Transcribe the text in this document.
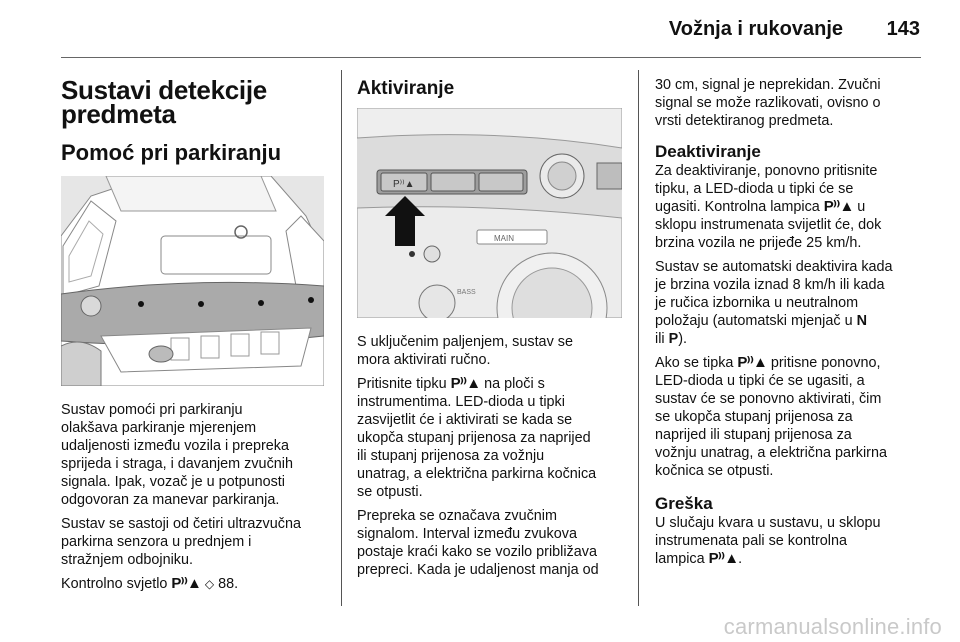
Vožnja i rukovanje 143
Sustavi detekcije
predmeta
Pomoć pri parkiranju

Sustav pomoći pri parkiranju
olakšava parkiranje mjerenjem
udaljenosti između vozila i prepreka
sprijeda i straga, i davanjem zvučnih
signala. Ipak, vozač je u potpunosti
odgovoran za manevar parkiranja.

Sustav se sastoji od četiri ultrazvučna
parkirna senzora u prednjem i
stražnjem odbojniku.

Kontrolno svjetlo P⁾⁾▲ ◇ 88.

Aktiviranje
P⁾⁾▲
MAIN
BASS

S uključenim paljenjem, sustav se
mora aktivirati ručno.

Pritisnite tipku P⁾⁾▲ na ploči s
instrumentima. LED-dioda u tipki
zasvijetlit će i aktivirati se kada se
ukopča stupanj prijenosa za naprijed
ili stupanj prijenosa za vožnju
unatrag, a električna parkirna kočnica
se otpusti.

Prepreka se označava zvučnim
signalom. Interval između zvukova
postaje kraći kako se vozilo približava
prepreci. Kada je udaljenost manja od

30 cm, signal je neprekidan. Zvučni
signal se može razlikovati, ovisno o
vrsti detektiranog predmeta.

Deaktiviranje

Za deaktiviranje, ponovno pritisnite
tipku, a LED-dioda u tipki će se
ugasiti. Kontrolna lampica P⁾⁾▲ u
sklopu instrumenata svijetlit će, dok
brzina vozila ne prijeđe 25 km/h.

Sustav se automatski deaktivira kada
je brzina vozila iznad 8 km/h ili kada
je ručica izbornika u neutralnom
položaju (automatski mjenjač u N
ili P).

Ako se tipka P⁾⁾▲ pritisne ponovno,
LED-dioda u tipki će se ugasiti, a
sustav će se ponovno aktivirati, čim
se ukopča stupanj prijenosa za
naprijed ili stupanj prijenosa za
vožnju unatrag, a električna parkirna
kočnica se otpusti.

Greška

U slučaju kvara u sustavu, u sklopu
instrumenata pali se kontrolna
lampica P⁾⁾▲.

carmanualsonline.info
